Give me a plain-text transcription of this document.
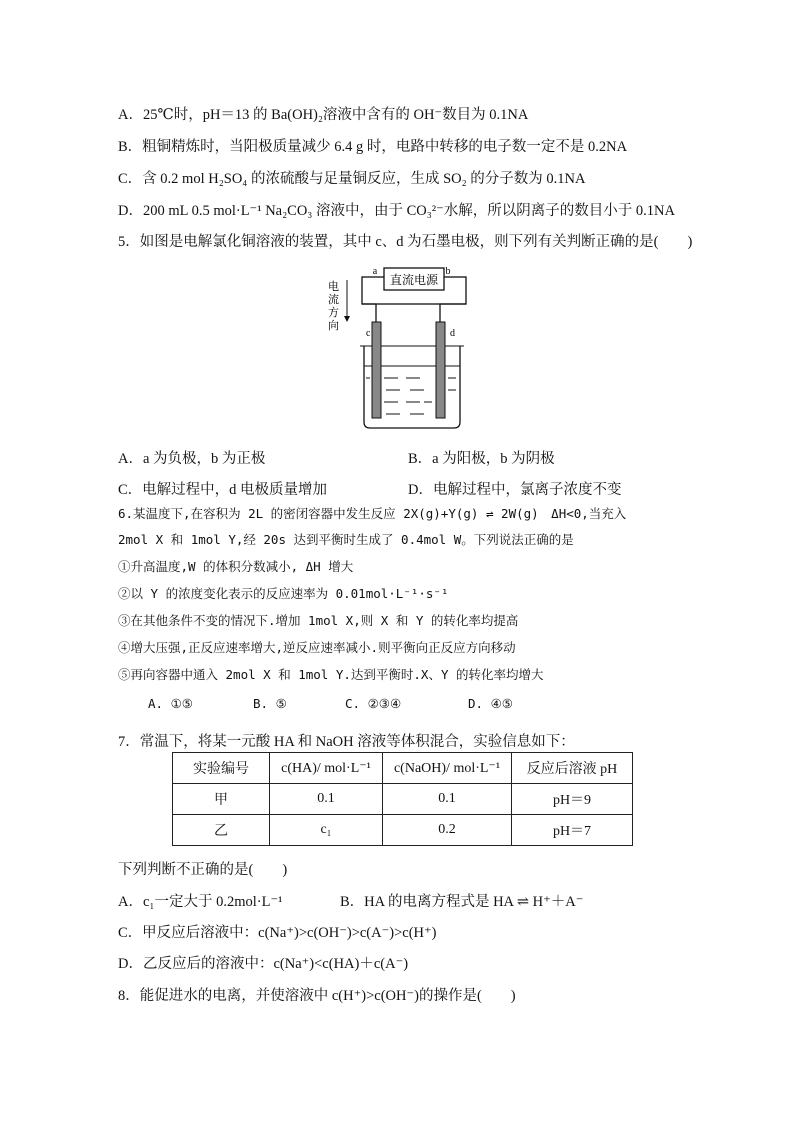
A．25℃时，pH＝13 的 Ba(OH)₂溶液中含有的 OH⁻数目为 0.1NA
B．粗铜精炼时，当阳极质量减少 6.4 g 时，电路中转移的电子数一定不是 0.2NA
C．含 0.2 mol H₂SO₄ 的浓硫酸与足量铜反应，生成 SO₂ 的分子数为 0.1NA
D．200 mL 0.5 mol·L⁻¹ Na₂CO₃ 溶液中，由于 CO₃²⁻水解，所以阴离子的数目小于 0.1NA
5．如图是电解氯化铜溶液的装置，其中 c、d 为石墨电极，则下列有关判断正确的是(　　)
直流电源
a	b
电流方向
c	d
A．a 为负极，b 为正极	B．a 为阳极，b 为阴极
C．电解过程中，d 电极质量增加	D．电解过程中，氯离子浓度不变
6.某温度下,在容积为 2L 的密闭容器中发生反应 2X(g)+Y(g) ⇌ 2W(g)　ΔH<0,当充入
2mol X 和 1mol Y,经 20s 达到平衡时生成了 0.4mol W。下列说法正确的是
①升高温度,W 的体积分数减小, ΔH 增大
②以 Y 的浓度变化表示的反应速率为 0.01mol·L⁻¹·s⁻¹
③在其他条件不变的情况下.增加 1mol X,则 X 和 Y 的转化率均提高
④增大压强,正反应速率增大,逆反应速率减小.则平衡向正反应方向移动
⑤再向容器中通入 2mol X 和 1mol Y.达到平衡时.X、Y 的转化率均增大
A. ①⑤	B. ⑤	C. ②③④	D. ④⑤
7．常温下，将某一元酸 HA 和 NaOH 溶液等体积混合，实验信息如下：
实验编号	c(HA)/ mol·L⁻¹	c(NaOH)/ mol·L⁻¹	反应后溶液 pH
甲	0.1	0.1	pH＝9
乙	c₁	0.2	pH＝7
下列判断不正确的是(　　)
A．c₁一定大于 0.2mol·L⁻¹	B．HA 的电离方程式是 HA ⇌ H⁺＋A⁻
C．甲反应后溶液中：c(Na⁺)>c(OH⁻)>c(A⁻)>c(H⁺)
D．乙反应后的溶液中：c(Na⁺)<c(HA)＋c(A⁻)
8．能促进水的电离，并使溶液中 c(H⁺)>c(OH⁻)的操作是(　　)
